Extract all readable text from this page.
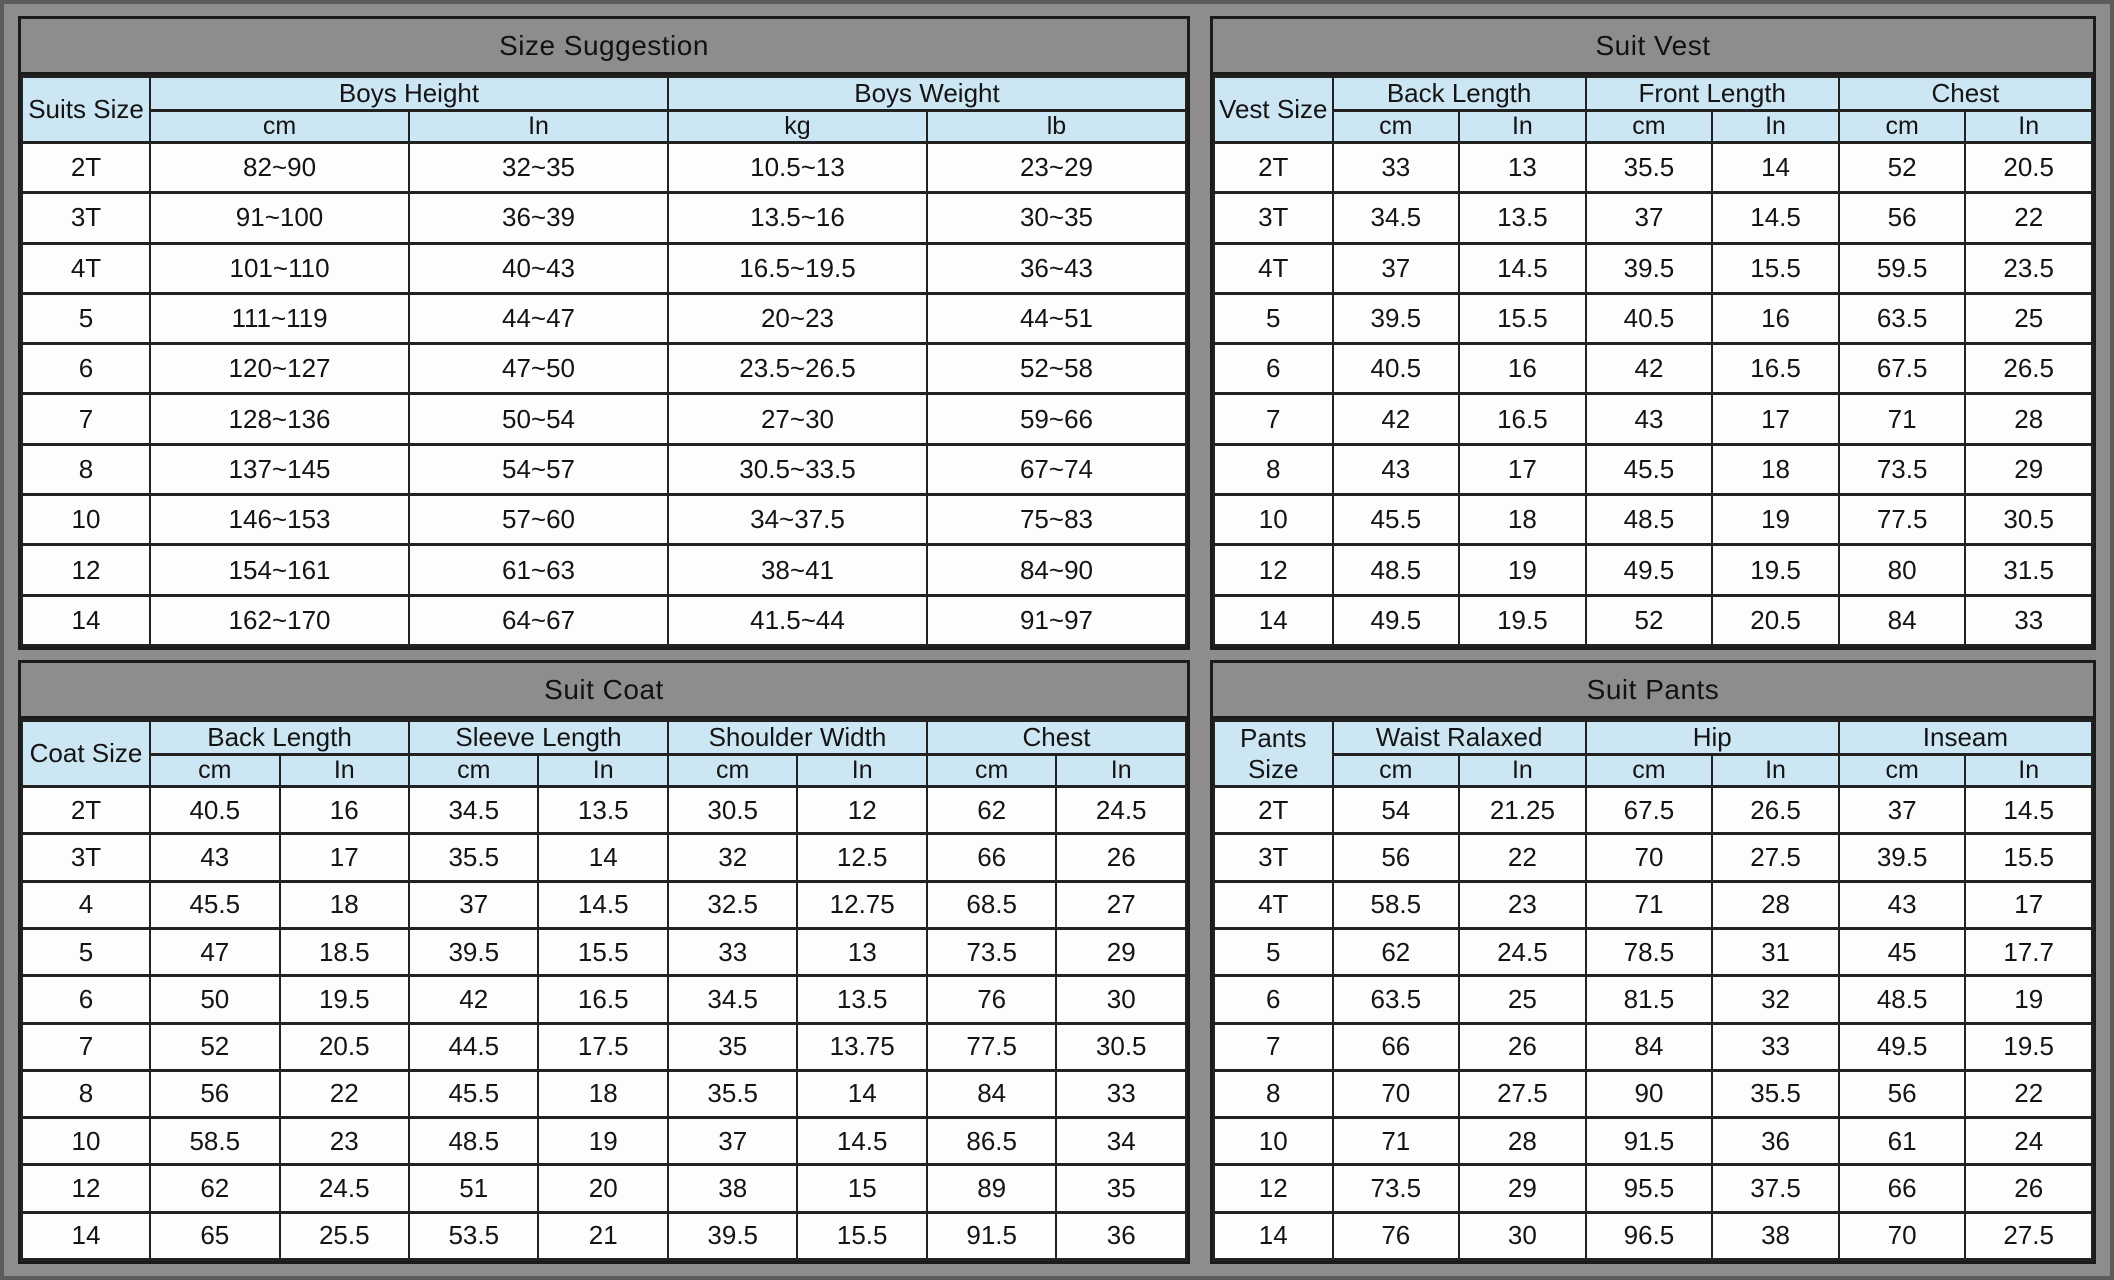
Size Suggestion
Suits Size	Boys Height		Boys Weight	
	cm	In	kg	lb
2T	82~90	32~35	10.5~13	23~29
3T	91~100	36~39	13.5~16	30~35
4T	101~110	40~43	16.5~19.5	36~43
5	111~119	44~47	20~23	44~51
6	120~127	47~50	23.5~26.5	52~58
7	128~136	50~54	27~30	59~66
8	137~145	54~57	30.5~33.5	67~74
10	146~153	57~60	34~37.5	75~83
12	154~161	61~63	38~41	84~90
14	162~170	64~67	41.5~44	91~97
Suit Vest
Vest Size	Back Length		Front Length		Chest	
	cm	In	cm	In	cm	In
2T	33	13	35.5	14	52	20.5
3T	34.5	13.5	37	14.5	56	22
4T	37	14.5	39.5	15.5	59.5	23.5
5	39.5	15.5	40.5	16	63.5	25
6	40.5	16	42	16.5	67.5	26.5
7	42	16.5	43	17	71	28
8	43	17	45.5	18	73.5	29
10	45.5	18	48.5	19	77.5	30.5
12	48.5	19	49.5	19.5	80	31.5
14	49.5	19.5	52	20.5	84	33
Suit Coat
Coat Size	Back Length		Sleeve Length		Shoulder Width		Chest	
	cm	In	cm	In	cm	In	cm	In
2T	40.5	16	34.5	13.5	30.5	12	62	24.5
3T	43	17	35.5	14	32	12.5	66	26
4	45.5	18	37	14.5	32.5	12.75	68.5	27
5	47	18.5	39.5	15.5	33	13	73.5	29
6	50	19.5	42	16.5	34.5	13.5	76	30
7	52	20.5	44.5	17.5	35	13.75	77.5	30.5
8	56	22	45.5	18	35.5	14	84	33
10	58.5	23	48.5	19	37	14.5	86.5	34
12	62	24.5	51	20	38	15	89	35
14	65	25.5	53.5	21	39.5	15.5	91.5	36
Suit Pants
Pants Size	Waist Ralaxed		Hip		Inseam	
	cm	In	cm	In	cm	In
2T	54	21.25	67.5	26.5	37	14.5
3T	56	22	70	27.5	39.5	15.5
4T	58.5	23	71	28	43	17
5	62	24.5	78.5	31	45	17.7
6	63.5	25	81.5	32	48.5	19
7	66	26	84	33	49.5	19.5
8	70	27.5	90	35.5	56	22
10	71	28	91.5	36	61	24
12	73.5	29	95.5	37.5	66	26
14	76	30	96.5	38	70	27.5
